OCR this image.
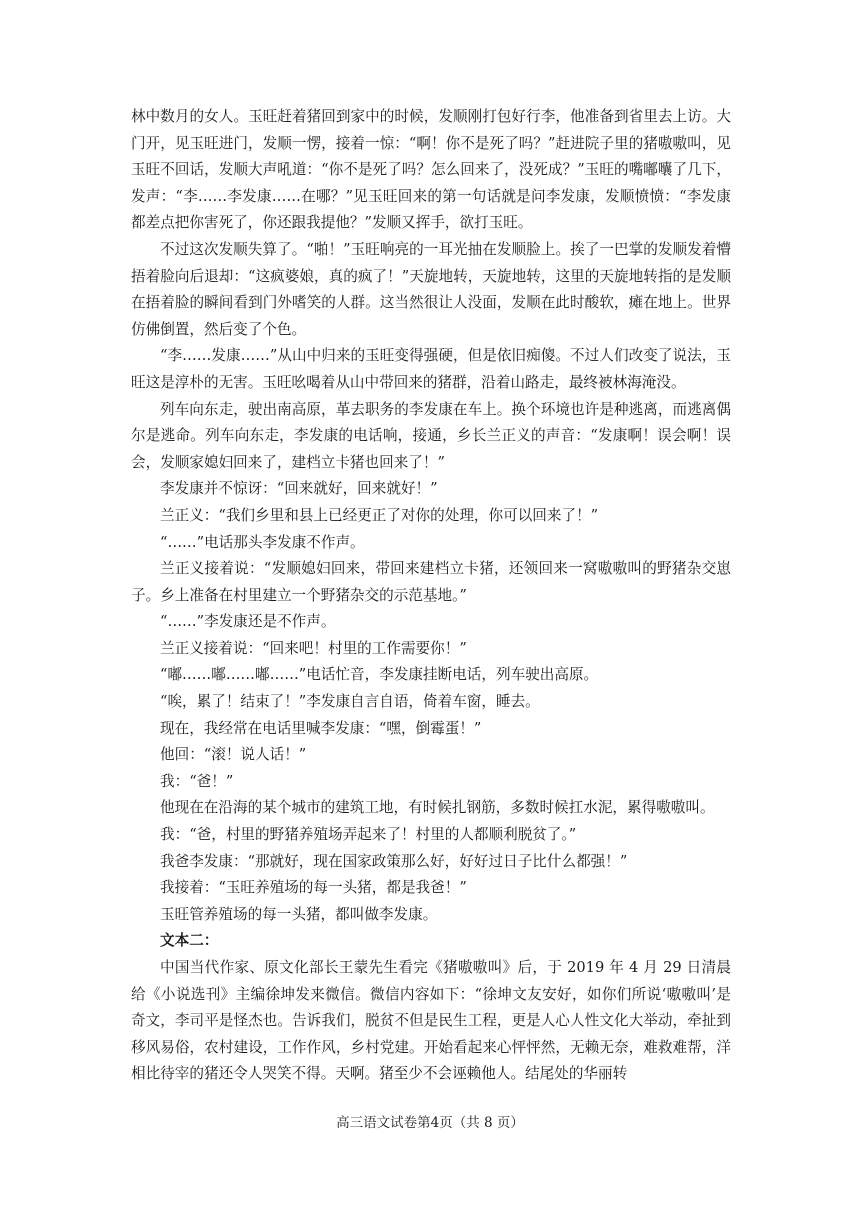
林中数月的女人。玉旺赶着猪回到家中的时候，发顺刚打包好行李，他准备到省里去上访。大门开，见玉旺进门，发顺一愣，接着一惊：“啊！你不是死了吗？”赶进院子里的猪嗷嗷叫，见玉旺不回话，发顺大声吼道：“你不是死了吗？怎么回来了，没死成？”玉旺的嘴嘟囔了几下，发声：“李……李发康……在哪？”见玉旺回来的第一句话就是问李发康，发顺愤愤：“李发康都差点把你害死了，你还跟我提他？”发顺又挥手，欲打玉旺。

不过这次发顺失算了。“啪！”玉旺响亮的一耳光抽在发顺脸上。挨了一巴掌的发顺发着懵捂着脸向后退却：“这疯婆娘，真的疯了！”天旋地转，天旋地转，这里的天旋地转指的是发顺在捂着脸的瞬间看到门外嗜笑的人群。这当然很让人没面，发顺在此时酸软，瘫在地上。世界仿佛倒置，然后变了个色。

“李……发康……”从山中归来的玉旺变得强硬，但是依旧痴傻。不过人们改变了说法，玉旺这是淳朴的无害。玉旺吆喝着从山中带回来的猪群，沿着山路走，最终被林海淹没。

列车向东走，驶出南高原，革去职务的李发康在车上。换个环境也许是种逃离，而逃离偶尔是逃命。列车向东走，李发康的电话响，接通，乡长兰正义的声音：“发康啊！误会啊！误会，发顺家媳妇回来了，建档立卡猪也回来了！”

李发康并不惊讶：“回来就好，回来就好！”

兰正义：“我们乡里和县上已经更正了对你的处理，你可以回来了！”

“……”电话那头李发康不作声。

兰正义接着说：“发顺媳妇回来，带回来建档立卡猪，还领回来一窝嗷嗷叫的野猪杂交崽子。乡上准备在村里建立一个野猪杂交的示范基地。”

“……”李发康还是不作声。

兰正义接着说：“回来吧！村里的工作需要你！”

“嘟……嘟……嘟……”电话忙音，李发康挂断电话，列车驶出高原。

“唉，累了！结束了！”李发康自言自语，倚着车窗，睡去。

现在，我经常在电话里喊李发康：“嘿，倒霉蛋！”

他回：“滚！说人话！”

我：“爸！”

他现在在沿海的某个城市的建筑工地，有时候扎钢筋，多数时候扛水泥，累得嗷嗷叫。

我：“爸，村里的野猪养殖场弄起来了！村里的人都顺利脱贫了。”

我爸李发康：“那就好，现在国家政策那么好，好好过日子比什么都强！”

我接着：“玉旺养殖场的每一头猪，都是我爸！”

玉旺管养殖场的每一头猪，都叫做李发康。

文本二：

中国当代作家、原文化部长王蒙先生看完《猪嗷嗷叫》后，于 2019 年 4 月 29 日清晨给《小说选刊》主编徐坤发来微信。微信内容如下：“徐坤文友安好，如你们所说‘嗷嗷叫’是奇文，李司平是怪杰也。告诉我们，脱贫不但是民生工程，更是人心人性文化大举动，牵扯到移风易俗，农村建设，工作作风，乡村党建。开始看起来心怦怦然，无赖无奈，难救难帮，洋相比待宰的猪还令人哭笑不得。天啊。猪至少不会诬赖他人。结尾处的华丽转

高三语文试卷第4页（共 8 页）
